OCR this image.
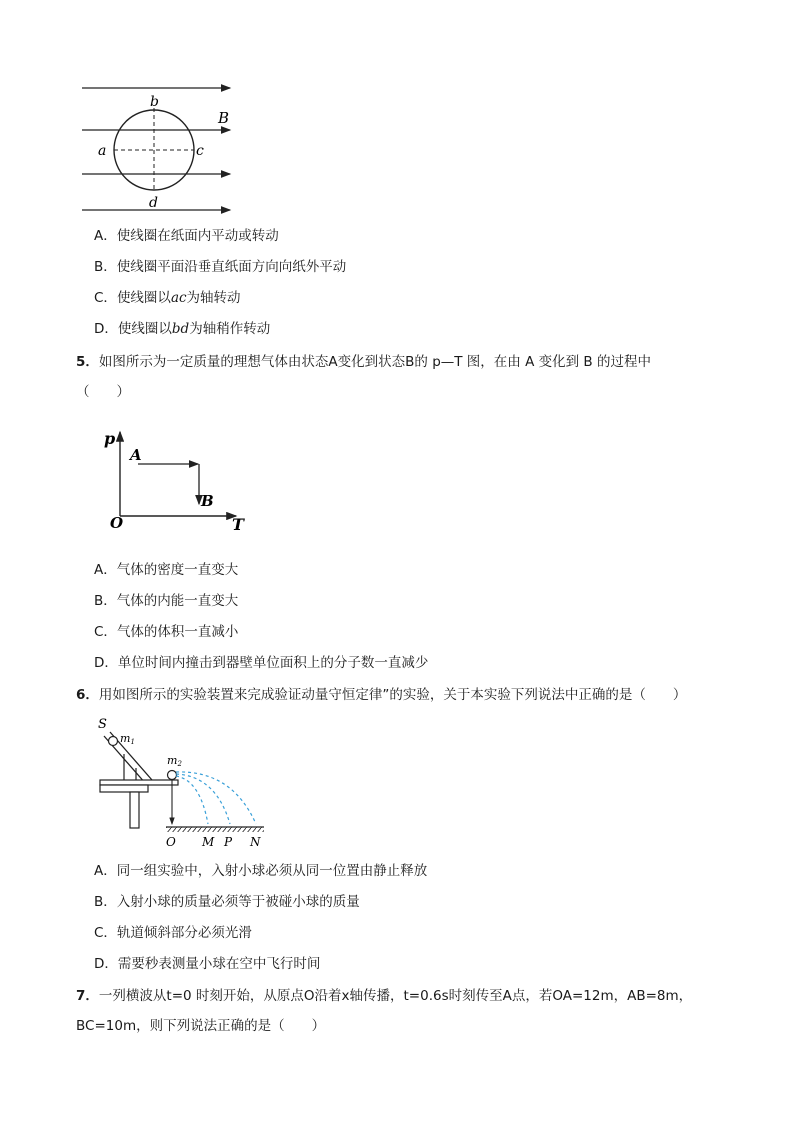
b
a	c
d
B
A．使线圈在纸面内平动或转动
B．使线圈平面沿垂直纸面方向向纸外平动
C．使线圈以ac为轴转动
D．使线圈以bd为轴稍作转动
5．如图所示为一定质量的理想气体由状态A变化到状态B的 p—T 图，在由 A 变化到 B 的过程中
（　　）
p
T
O
A
B
A．气体的密度一直变大
B．气体的内能一直变大
C．气体的体积一直减小
D．单位时间内撞击到器壁单位面积上的分子数一直减少
6．用如图所示的实验装置来完成验证动量守恒定律”的实验，关于本实验下列说法中正确的是（　　）
S
m1
m2
O M P N
A．同一组实验中，入射小球必须从同一位置由静止释放
B．入射小球的质量必须等于被碰小球的质量
C．轨道倾斜部分必须光滑
D．需要秒表测量小球在空中飞行时间
7．一列横波从t=0 时刻开始，从原点O沿着x轴传播，t=0.6s时刻传至A点，若OA=12m，AB=8m，
BC=10m，则下列说法正确的是（　　）
